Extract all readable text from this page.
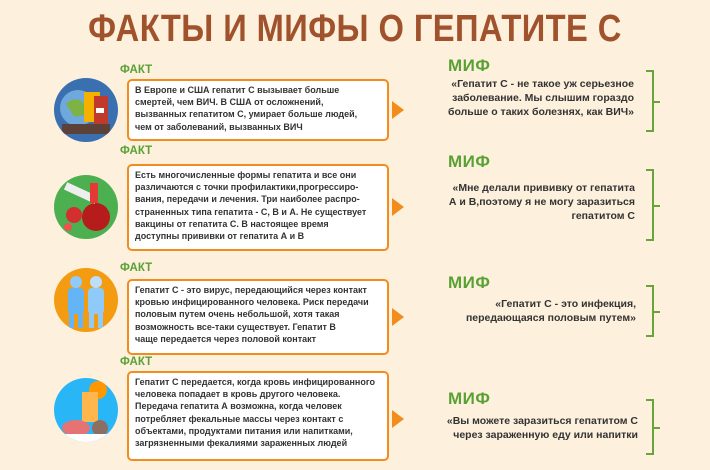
ФАКТЫ И МИФЫ О ГЕПАТИТЕ С
ФАКТ
В Европе и США гепатит С вызывает больше
смертей, чем ВИЧ. В США от осложнений,
вызванных гепатитом С, умирает больше людей,
чем от заболеваний, вызванных ВИЧ
МИФ
«Гепатит С - не такое уж серьезное
заболевание. Мы слышим гораздо
больше о таких болезнях, как ВИЧ»
ФАКТ
Есть многочисленные формы гепатита и все они
различаются с точки профилактики,прогрессиро-
вания, передачи и лечения. Три наиболее распро-
страненных типа гепатита - С, В и А. Не существует
вакцины от гепатита С. В настоящее время
доступны прививки от гепатита А и В
МИФ
«Мне делали прививку от гепатита
А и В,поэтому я не могу заразиться
гепатитом С
ФАКТ
Гепатит С - это вирус, передающийся через контакт
кровью инфицированного человека. Риск передачи
половым путем очень небольшой, хотя такая
возможность все-таки существует. Гепатит В
чаще передается через половой контакт
МИФ
«Гепатит С - это инфекция,
передающаяся половым путем»
ФАКТ
Гепатит С передается, когда кровь инфицированного
человека попадает в кровь другого человека.
Передача гепатита А возможна, когда человек
потребляет фекальные массы через контакт с
объектами, продуктами питания или напитками,
загрязненными фекалиями зараженных людей
МИФ
«Вы можете заразиться гепатитом С
через зараженную еду или напитки
